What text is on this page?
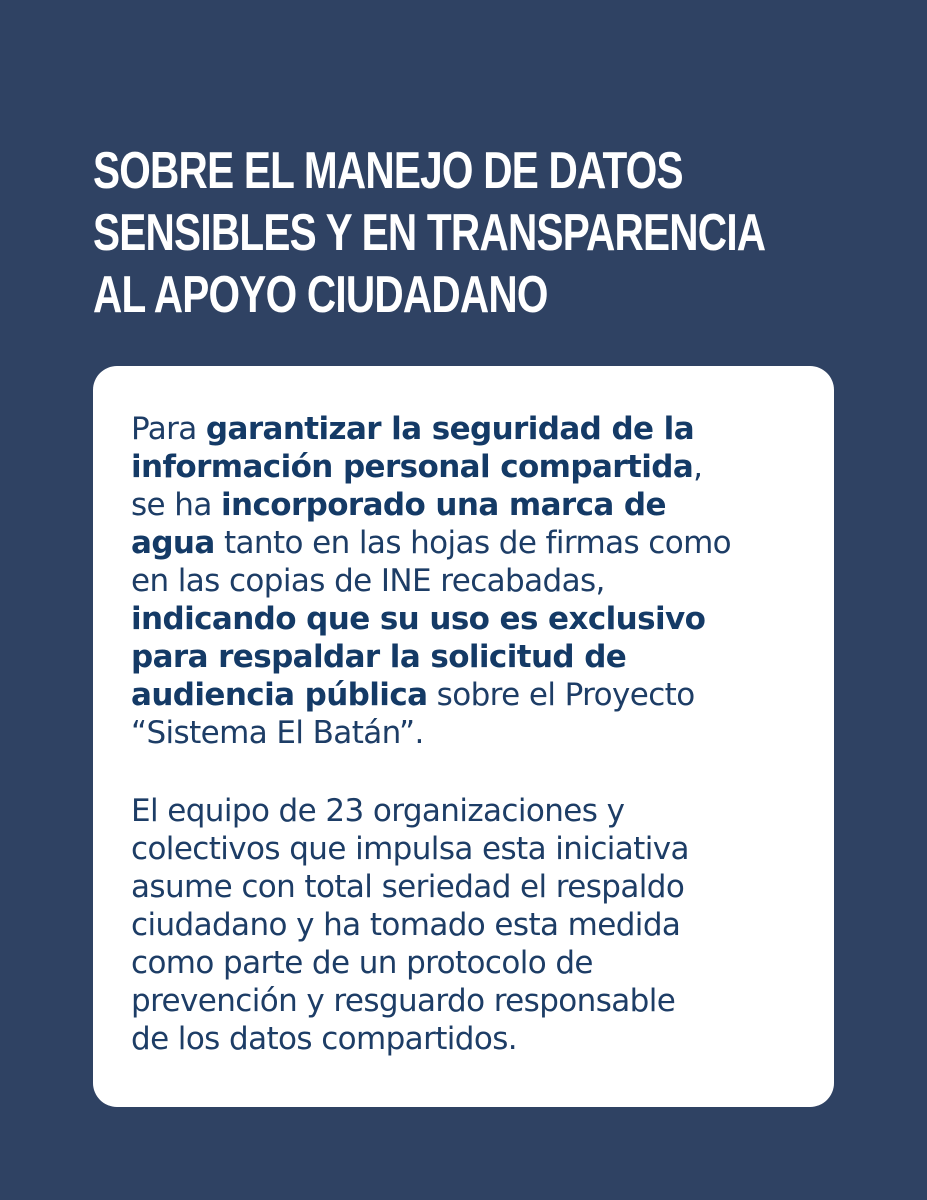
SOBRE EL MANEJO DE DATOS
SENSIBLES Y EN TRANSPARENCIA
AL APOYO CIUDADANO

Para garantizar la seguridad de la
información personal compartida,
se ha incorporado una marca de
agua tanto en las hojas de firmas como
en las copias de INE recabadas,
indicando que su uso es exclusivo
para respaldar la solicitud de
audiencia pública sobre el Proyecto
“Sistema El Batán”.

El equipo de 23 organizaciones y
colectivos que impulsa esta iniciativa
asume con total seriedad el respaldo
ciudadano y ha tomado esta medida
como parte de un protocolo de
prevención y resguardo responsable
de los datos compartidos.
